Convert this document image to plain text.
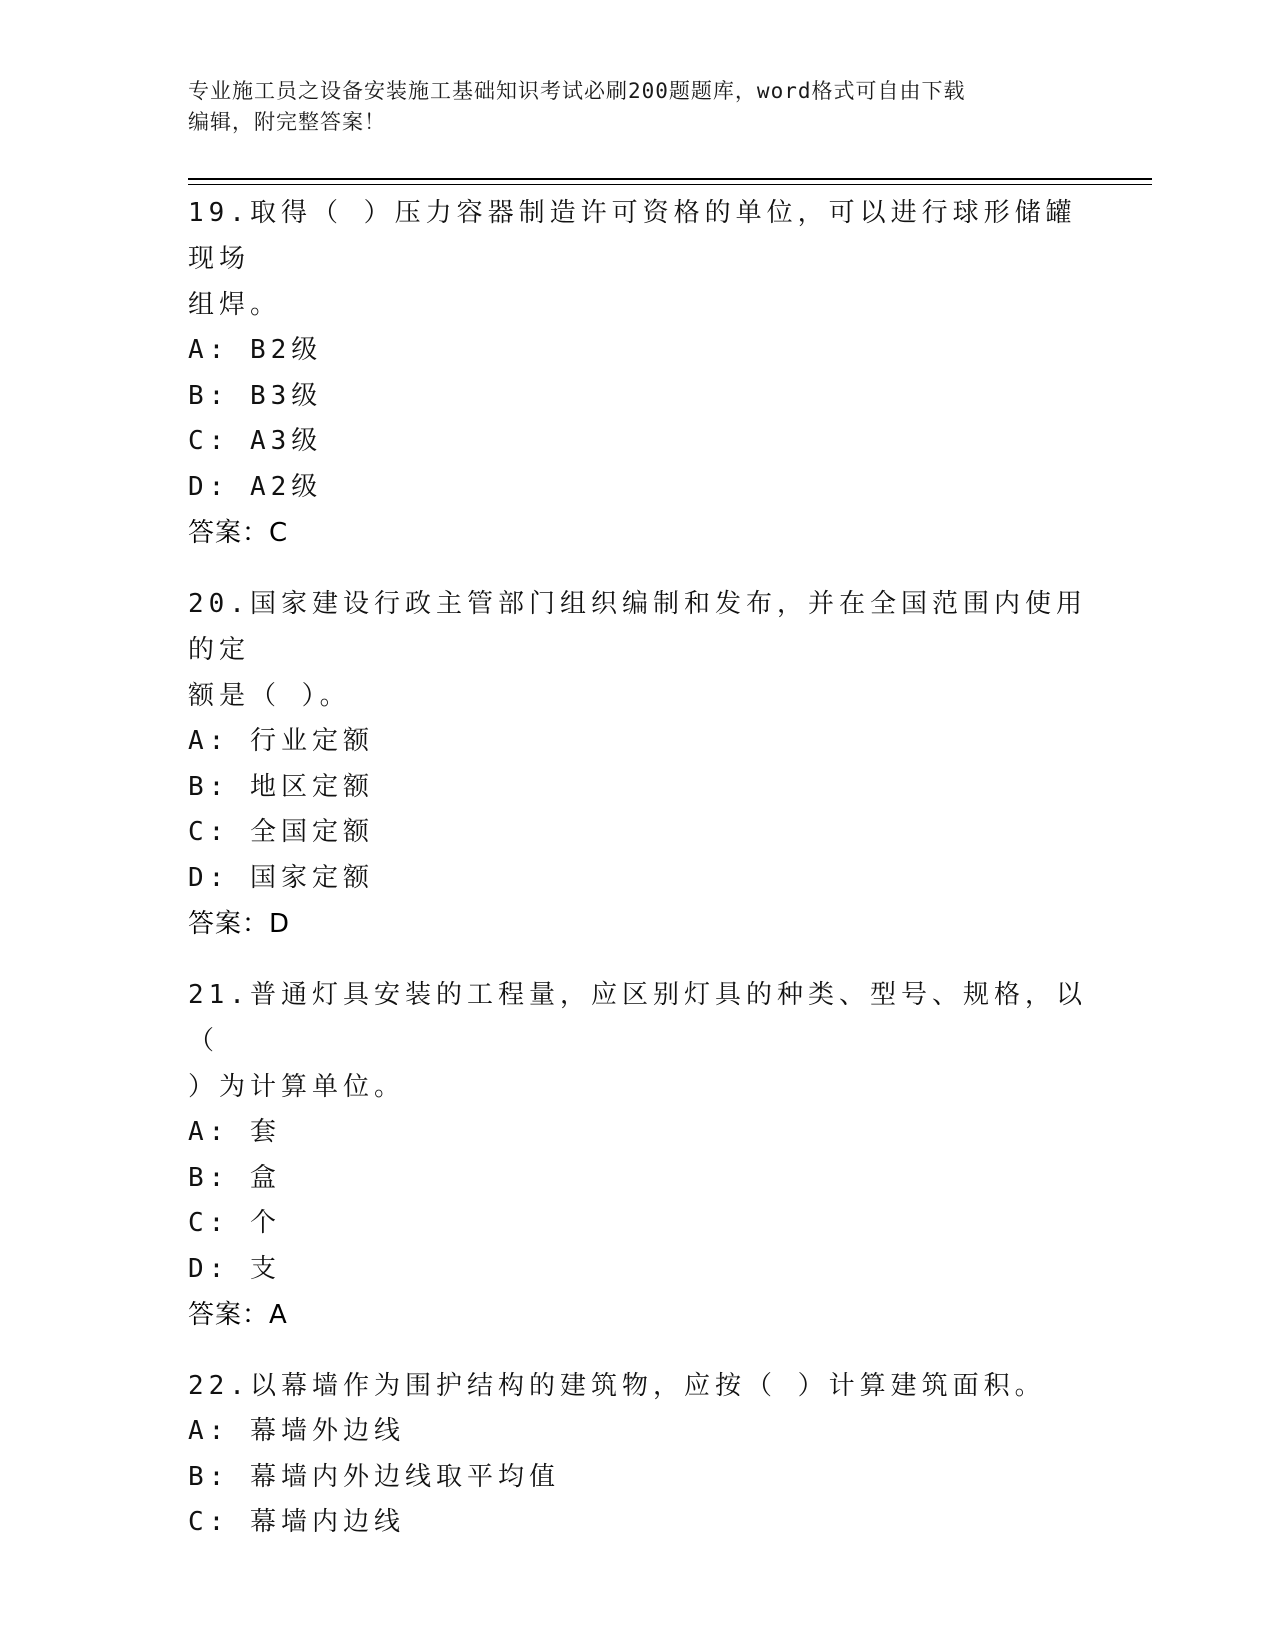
专业施工员之设备安装施工基础知识考试必刷200题题库，word格式可自由下载
编辑，附完整答案！
19.取得（ ）压力容器制造许可资格的单位，可以进行球形储罐现场
组焊。
A: B2级
B: B3级
C: A3级
D: A2级
答案：C
20.国家建设行政主管部门组织编制和发布，并在全国范围内使用的定
额是（ ）。
A: 行业定额
B: 地区定额
C: 全国定额
D: 国家定额
答案：D
21.普通灯具安装的工程量，应区别灯具的种类、型号、规格，以（
）为计算单位。
A: 套
B: 盒
C: 个
D: 支
答案：A
22.以幕墙作为围护结构的建筑物，应按（ ）计算建筑面积。
A: 幕墙外边线
B: 幕墙内外边线取平均值
C: 幕墙内边线
